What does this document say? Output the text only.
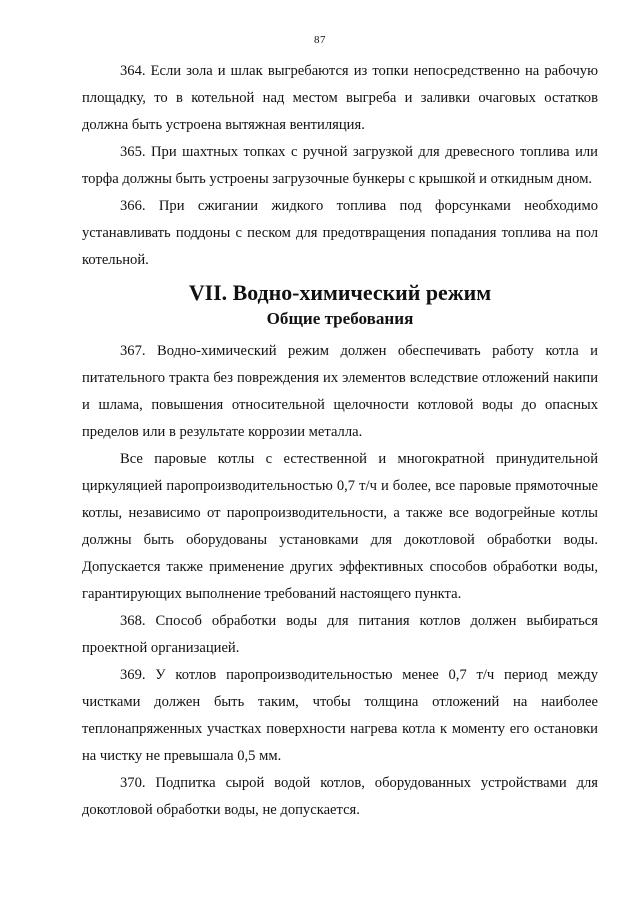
87

364. Если зола и шлак выгребаются из топки непосредственно на рабочую площадку, то в котельной над местом выгреба и заливки очаговых остатков должна быть устроена вытяжная вентиляция.

365. При шахтных топках с ручной загрузкой для древесного топлива или торфа должны быть устроены загрузочные бункеры с крышкой и откидным дном.

366. При сжигании жидкого топлива под форсунками необходимо устанавливать поддоны с песком для предотвращения попадания топлива на пол котельной.

VII. Водно-химический режим
Общие требования

367. Водно-химический режим должен обеспечивать работу котла и питательного тракта без повреждения их элементов вследствие отложений накипи и шлама, повышения относительной щелочности котловой воды до опасных пределов или в результате коррозии металла.

Все паровые котлы с естественной и многократной принудительной циркуляцией паропроизводительностью 0,7 т/ч и более, все паровые прямоточные котлы, независимо от паропроизводительности, а также все водогрейные котлы должны быть оборудованы установками для докотловой обработки воды. Допускается также применение других эффективных способов обработки воды, гарантирующих выполнение требований настоящего пункта.

368. Способ обработки воды для питания котлов должен выбираться проектной организацией.

369. У котлов паропроизводительностью менее 0,7 т/ч период между чистками должен быть таким, чтобы толщина отложений на наиболее теплонапряженных участках поверхности нагрева котла к моменту его остановки на чистку не превышала 0,5 мм.

370. Подпитка сырой водой котлов, оборудованных устройствами для докотловой обработки воды, не допускается.
